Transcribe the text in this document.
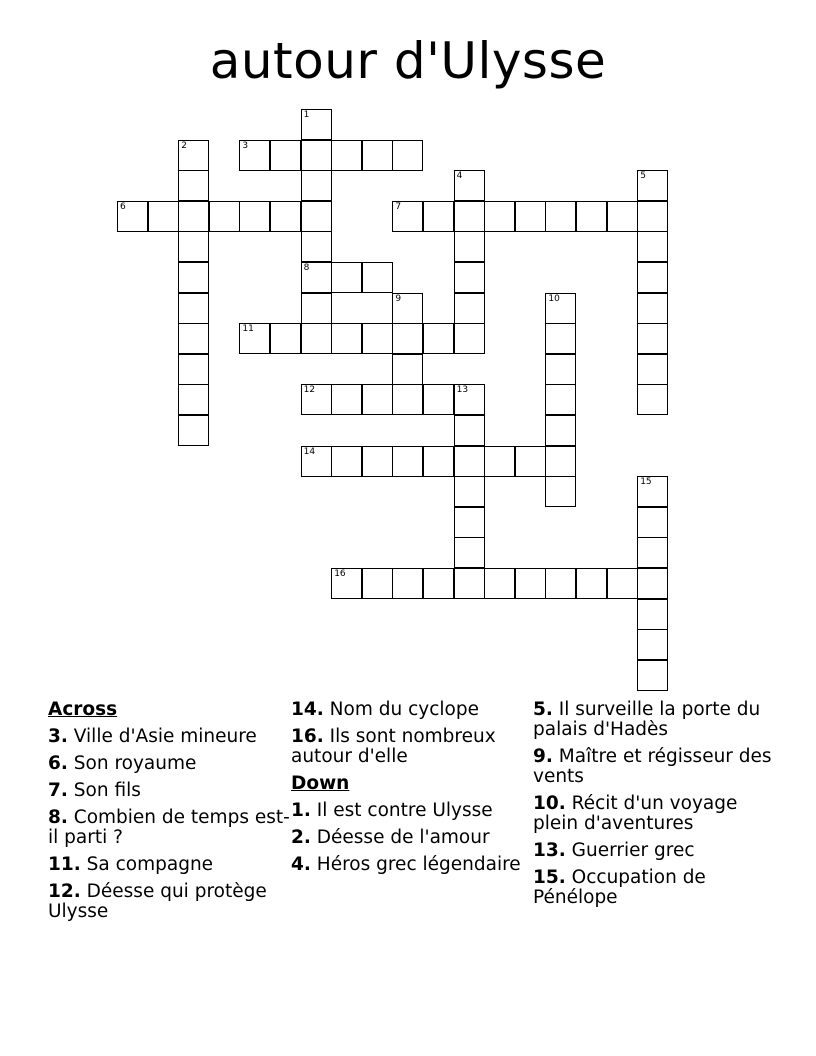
autour d'Ulysse
1
8
2	3
4	5
6	7
9	10
11
12	13
14
15
16
Across
3. Ville d'Asie mineure
6. Son royaume
7. Son fils
8. Combien de temps est-il parti ?
11. Sa compagne
12. Déesse qui protège Ulysse
14. Nom du cyclope
16. Ils sont nombreux autour d'elle
Down
1. Il est contre Ulysse
2. Déesse de l'amour
4. Héros grec légendaire
5. Il surveille la porte du palais d'Hadès
9. Maître et régisseur des vents
10. Récit d'un voyage plein d'aventures
13. Guerrier grec
15. Occupation de Pénélope
